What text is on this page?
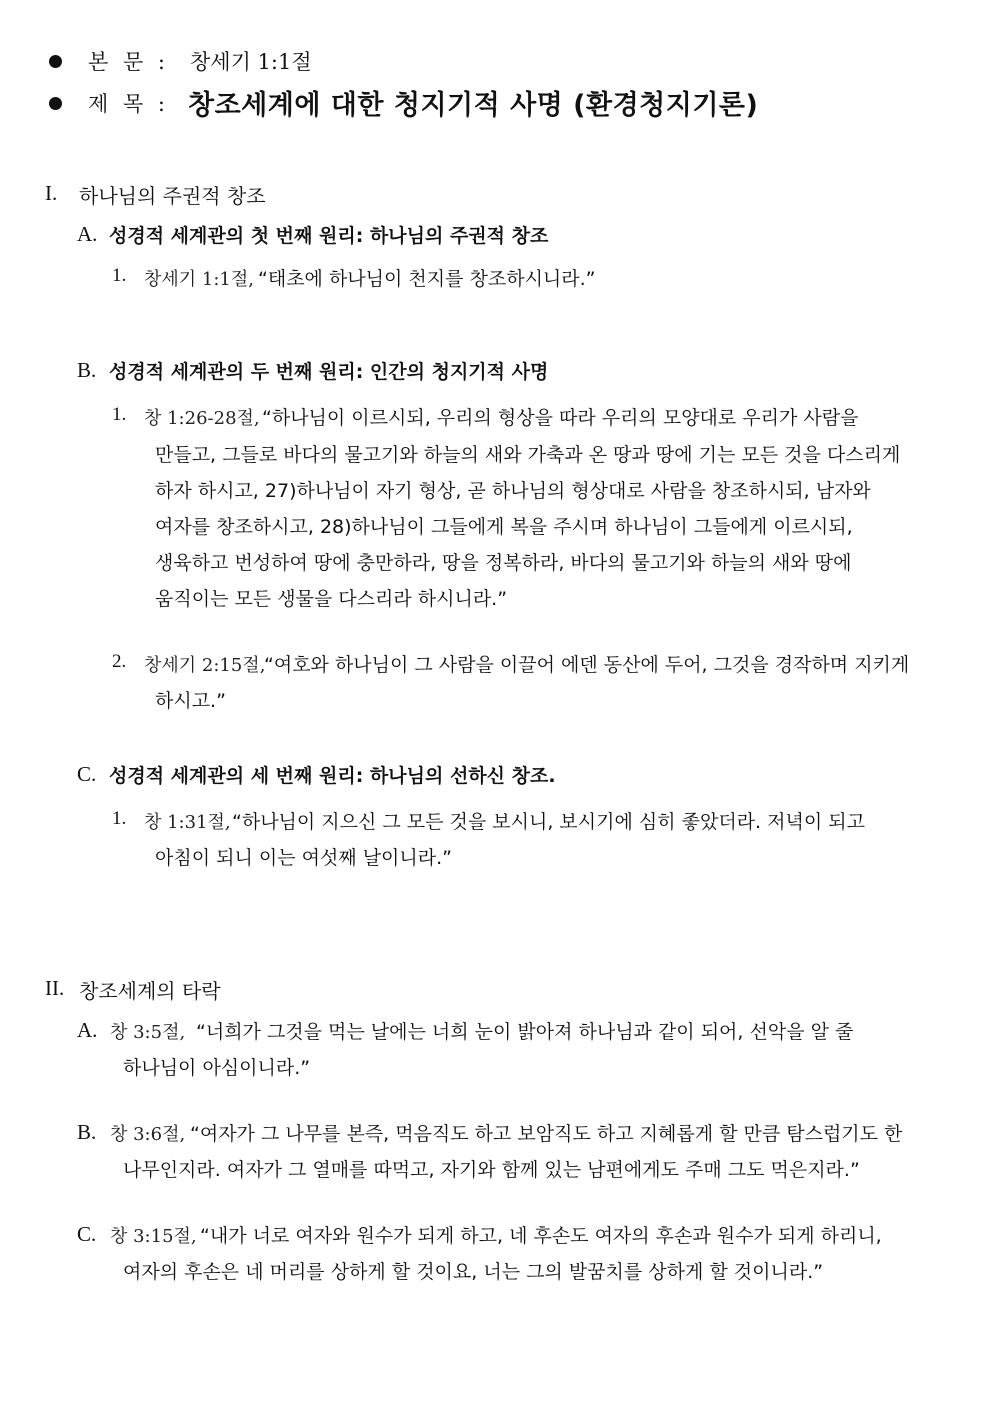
본 문 : 창세기 1:1절
제 목 : 창조세계에 대한 청지기적 사명 (환경청지기론)
I. 하나님의 주권적 창조
A. 성경적 세계관의 첫 번째 원리: 하나님의 주권적 창조
1. 창세기 1:1절, “태초에 하나님이 천지를 창조하시니라.”
B. 성경적 세계관의 두 번째 원리: 인간의 청지기적 사명
1. 창 1:26-28절, “하나님이 이르시되, 우리의 형상을 따라 우리의 모양대로 우리가 사람을
만들고, 그들로 바다의 물고기와 하늘의 새와 가축과 온 땅과 땅에 기는 모든 것을 다스리게
하자 하시고, 27)하나님이 자기 형상, 곧 하나님의 형상대로 사람을 창조하시되, 남자와
여자를 창조하시고, 28)하나님이 그들에게 복을 주시며 하나님이 그들에게 이르시되,
생육하고 번성하여 땅에 충만하라, 땅을 정복하라, 바다의 물고기와 하늘의 새와 땅에
움직이는 모든 생물을 다스리라 하시니라.”
2. 창세기 2:15절,
“여호와 하나님이 그 사람을 이끌어 에덴 동산에 두어, 그것을 경작하며 지키게
하시고.”
C. 성경적 세계관의 세 번째 원리: 하나님의 선하신 창조.
1. 창 1:31절, “하나님이 지으신 그 모든 것을 보시니, 보시기에 심히 좋았더라. 저녁이 되고
아침이 되니 이는 여섯째 날이니라.”
II. 창조세계의 타락
A. 창 3:5절, “너희가 그것을 먹는 날에는 너희 눈이 밝아져 하나님과 같이 되어, 선악을 알 줄
하나님이 아심이니라.”
B. 창 3:6절, “여자가 그 나무를 본즉, 먹음직도 하고 보암직도 하고 지혜롭게 할 만큼 탐스럽기도 한
나무인지라. 여자가 그 열매를 따먹고, 자기와 함께 있는 남편에게도 주매 그도 먹은지라.”
C. 창 3:15절, “내가 너로 여자와 원수가 되게 하고, 네 후손도 여자의 후손과 원수가 되게 하리니,
여자의 후손은 네 머리를 상하게 할 것이요, 너는 그의 발꿈치를 상하게 할 것이니라.”
